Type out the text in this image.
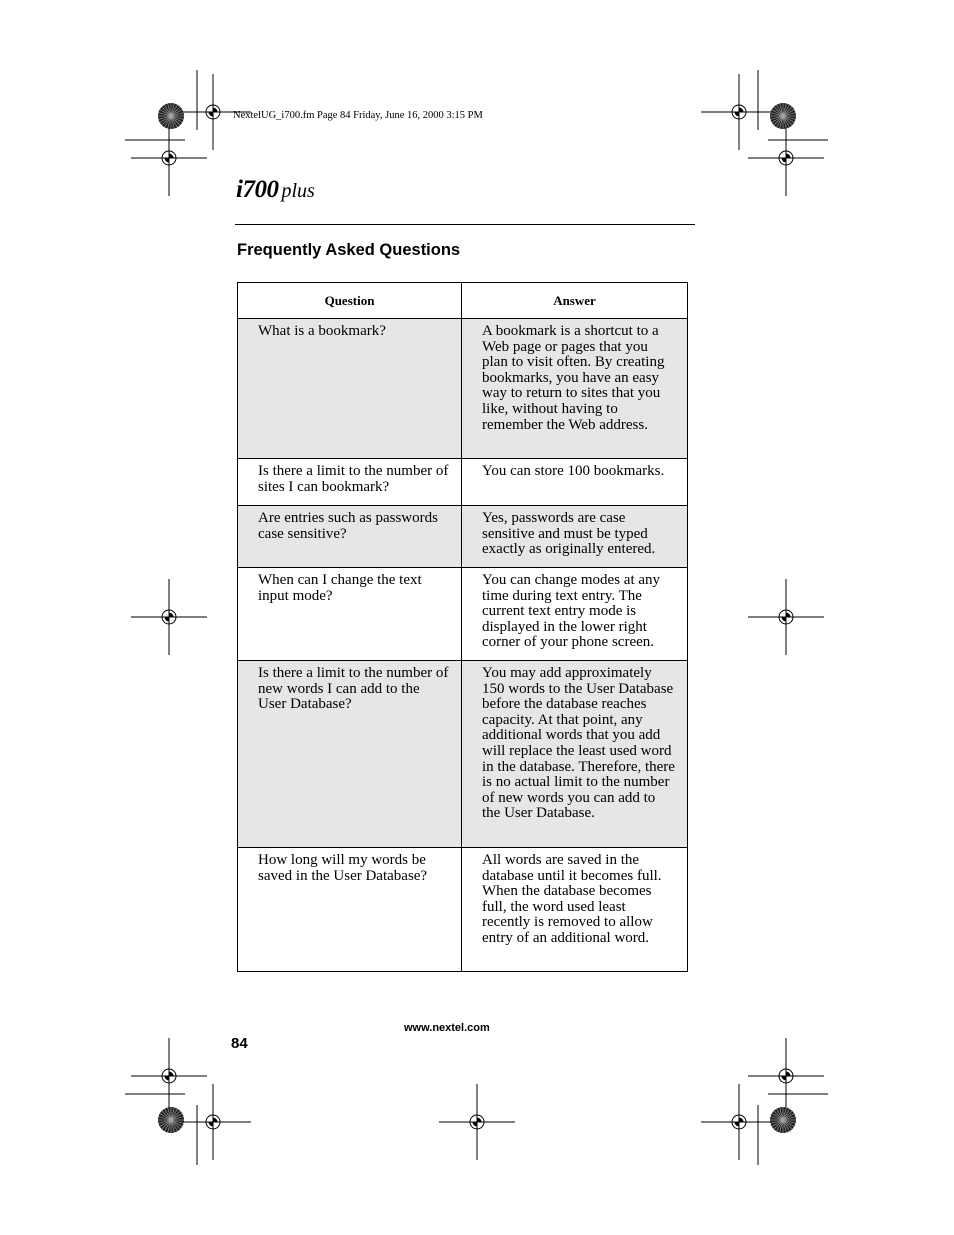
NextelUG_i700.fm Page 84 Friday, June 16, 2000 3:15 PM
i700 plus
Frequently Asked Questions
Question	Answer
What is a bookmark?	A bookmark is a shortcut to a Web page or pages that you plan to visit often. By creating bookmarks, you have an easy way to return to sites that you like, without having to remember the Web address.
Is there a limit to the number of sites I can bookmark?	You can store 100 bookmarks.
Are entries such as passwords case sensitive?	Yes, passwords are case sensitive and must be typed exactly as originally entered.
When can I change the text input mode?	You can change modes at any time during text entry. The current text entry mode is displayed in the lower right corner of your phone screen.
Is there a limit to the number of new words I can add to the User Database?	You may add approximately 150 words to the User Database before the database reaches capacity. At that point, any additional words that you add will replace the least used word in the database. Therefore, there is no actual limit to the number of new words you can add to the User Database.
How long will my words be saved in the User Database?	All words are saved in the database until it becomes full. When the database becomes full, the word used least recently is removed to allow entry of an additional word.
www.nextel.com
84
